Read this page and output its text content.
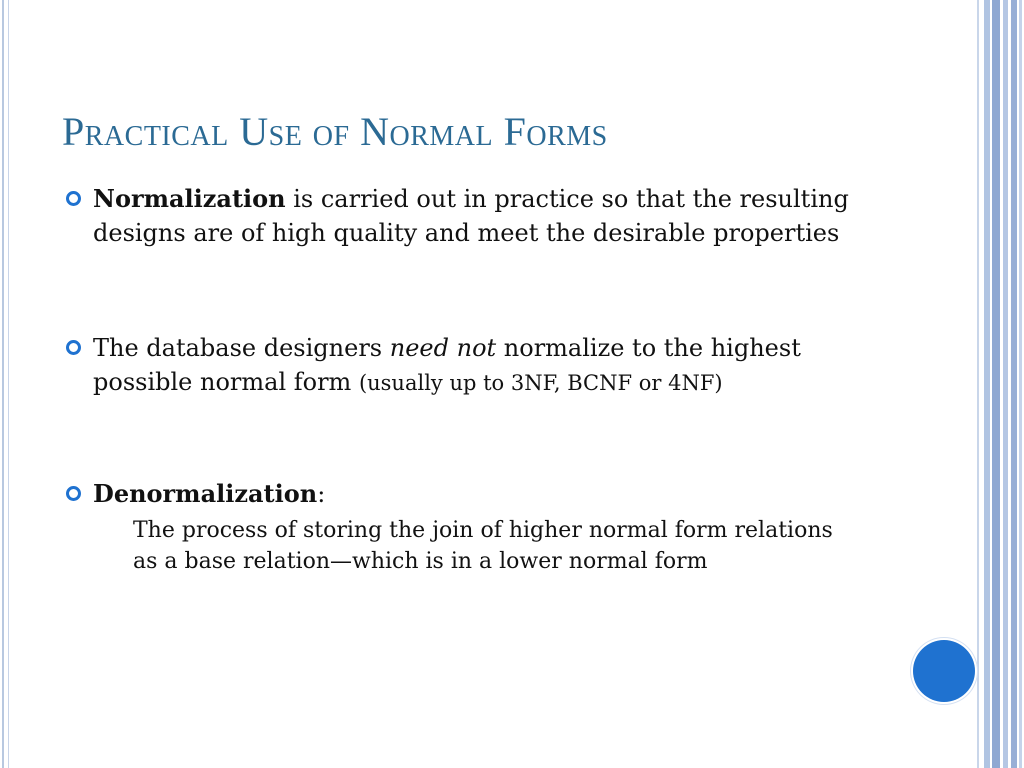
Practical Use of Normal Forms
Normalization is carried out in practice so that the resulting designs are of high quality and meet the desirable properties
The database designers need not normalize to the highest possible normal form (usually up to 3NF, BCNF or 4NF)
Denormalization:
The process of storing the join of higher normal form relations as a base relation—which is in a lower normal form
